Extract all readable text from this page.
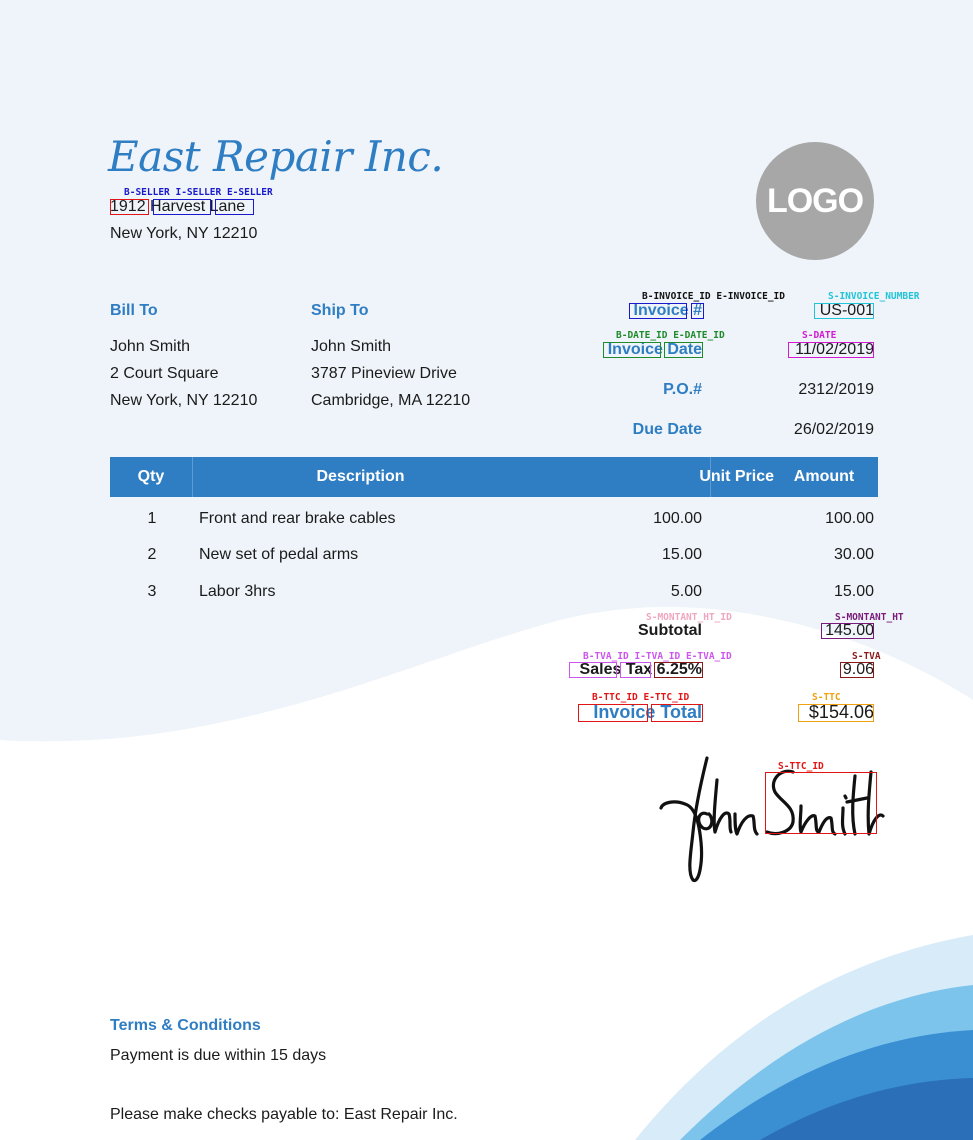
East Repair Inc.
LOGO
1912 Harvest Lane
New York, NY 12210
Bill To
John Smith
2 Court Square
New York, NY 12210
Ship To
John Smith
3787 Pineview Drive
Cambridge, MA 12210
Invoice #	US-001
Invoice Date	11/02/2019
P.O.#	2312/2019
Due Date	26/02/2019
Qty	Description	Unit Price	Amount
1	Front and rear brake cables	100.00	100.00
2	New set of pedal arms	15.00	30.00
3	Labor 3hrs	5.00	15.00
Subtotal	145.00
Sales Tax 6.25%	9.06
Invoice Total	$154.06
Terms & Conditions
Payment is due within 15 days
Please make checks payable to: East Repair Inc.
B-SELLER I-SELLER E-SELLER
B-INVOICE_ID E-INVOICE_ID	S-INVOICE_NUMBER
B-DATE_ID E-DATE_ID	S-DATE
S-MONTANT_HT_ID	S-MONTANT_HT
B-TVA_ID I-TVA_ID E-TVA_ID	S-TVA
B-TTC_ID E-TTC_ID	S-TTC
S-TTC_ID
